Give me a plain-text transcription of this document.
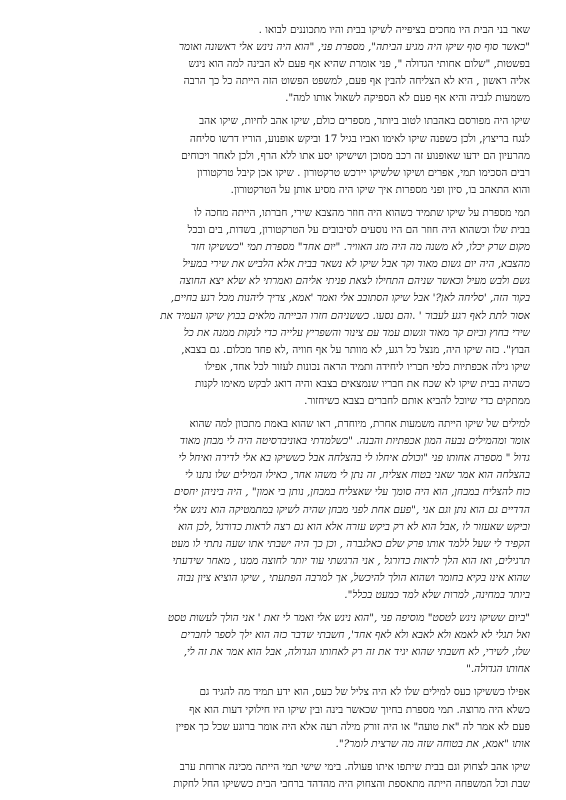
שאר בני הבית היו מחכים בציפייה לשיקו בבית והיו מתכוננים לבואו .
"כאשר סוף סוף שיקו היה מגיע הביתה", מספרת פני, "הוא היה נינש אלי ראשונה ואומר
בפשטות, "שלום אחותי הגדולה ", פני אומרת שהיא אף פעם לא הבינה למה הוא ניגש
אליה ראשון , היא לא הצליחה להבין אף פעם, למשפט הפשוט הזה הייתה כל כך הרבה
משמעות לגביה והיא אף פעם לא הספיקה לשאול אותו למה".
שיקו היה מפורסם באהבתו לטוב ביותר, מספרים כולם, שיקו אהב לחיות, שיקו אהב
לנגח בריצוץ, ולכן כשפנה שיקו לאימו ואביו בגיל 17 וביקש אופנוע, הוריו דרשו סליחה
מהרעיון הם ידעו שאופנוע זה רכב מסוכן ושישיקו יסע אתו ללא הרף, ולכן לאחר ויכוחים
רבים הסכימו תמי, אפרים ושיקו שלשיקו יירכש טרקטורון . שיקו אכן קיבל טרקטורון
והוא התאהב בו, סיון ופני מספרות איך שיקו היה מסיע אותן על הטרקטורון.
תמי מספרת על שיקו שתמיד כשהוא היה חוזר מהצבא שירי, חברתו, הייתה מחכה לו
בבית שלו וכשהוא היה חוזר הם היו נוסעים לסיבובים על הטרקטורון, בשדות, בים ובכל
מקום שרק יכלו, לא משנה מה היה מזג האוויר. "יום אחד" מספרת תמי "כששיקו חזר
מהצבא, היה יום גשום מאוד וקר אבל שיקו לא נשאר בבית אלא הלביש את שירי במעיל
גשם ולבש מעיל וכאשר שניהם התחילו לצאת פניתי אליהם ואמרתי לא שלא יצא החוצה
בקור הזה, 'סליחה לאן?' אבל שיקו הסתובב אלי ואמר 'אמא, צריך ליהנות מכל רגע בחיים,
אסור לתת לאף רגע לעבור ' .והם נסעו. כששניהם חזרו הבייתה מלאים בבוץ שיקו העמיד את
שירי בחוץ וביום קר מאוד וגשום עמד עם צינור והשפריץ עלייה כדי לנקות ממנה את כל
הבוץ". כזה שיקו היה, מנצל כל רגע, לא מוותר על אף חוויה ,לא פחד מכלום. גם בצבא,
שיקו גילה אכפתיות כלפי חבריו ליחידה ותמיד הראה נכונות לעזור לכל אחד, אפילו
כשהיה בבית שיקו לא שכח את חבריו שנמצאים בצבא והיה דואג לבקש מאימו לקנות
ממתקים כדי שיוכל להביא אותם לחברים בצבא כשיחזור.
למילים של שיקו הייתה משמעות אחרת, מיוחדת, ראו שהוא באמת מתכוון למה שהוא
אומר ומהמילים נבעה המון אכפתיות והבנה. "כשלמדתי באוניברסיטה היה לי מבחן מאוד
גדול " מספרה אחותו פני "וכולם איחלו לי בהצלחה אבל כששיקו בא אלי לדירה ואיחל לי
בהצלחה הוא אמר שאני בטוח אצליח, זה נתן לי משהו אחר, כאילו המילים שלו נתנו לי
כוח להצליח במבחן, הוא היה סומך עלי שאצליח במבחן, נותן בי אמון" , היה ביניהן יחסים
הדדיים גם הוא נתן וגם אני ,"פעם אחת לפני מבחן שהיה לשיקו במתמטיקה הוא ניגש אלי
וביקש שאעזור לו ,אבל הוא לא רק ביקש עזרה אלא הוא גם רצה לראות כדורגל ,לכן הוא
הקפיד לי שעל ללמד אותו פרק שלם כאלגברה , וכן כך היה ישבתי אתו שעה נתתי לו מעט
תרגילים, ואז הוא הלך לראות כדורגל , אני הרגשתי עוד יותר לחוצה ממנו , מאחר שידעתי
שהוא אינו בקיא בחומר ושהוא הולך להיכשל, אך למרבה הפתעתי , שיקו הוציא ציון נבוה
ביותר במחינה, למרות שלא למד כמעט בכלל".
"ביום ששיקו ניגש לטסט" מוסיפה פני ,"הוא ניגש אלי ואמר לי זאת ' אני הולך לעשות טסט
ואל תגלי לא לאמא ולא לאבא ולא לאף אחד', חשבתי שדבר כזה הוא ילך לספר לחברים
שלו, לשירי, לא חשבתי שהוא יגיד את זה רק לאחותו הגדולה, אבל הוא אמר את זה לי,
אחותו הגדולה."
אפילו כששיקו כעס למילים שלו לא היה צליל של כעס, הוא ידע תמיד מה להגיד גם
כשלא היה מרוצה. תמי מספרת בחיוך שכאשר בינה ובין שיקו היו חילוקי דעות הוא אף
פעם לא אמר לה "את טועה" או היה זורק מילה רעה אלא היה אומר ברוגע שכל כך אפיין
אותו "אמא, את בטוחה שזה מה שרצית לומר?".
שיקו אהב לצחוק וגם בבית שיתפו איתו פעולה. בימי שישי תמי הייתה מכינה ארוחת ערב
שבת וכל המשפחה הייתה מתאספת והצחוק היה מהדהד ברחבי הבית כששיקו החל לחקות
